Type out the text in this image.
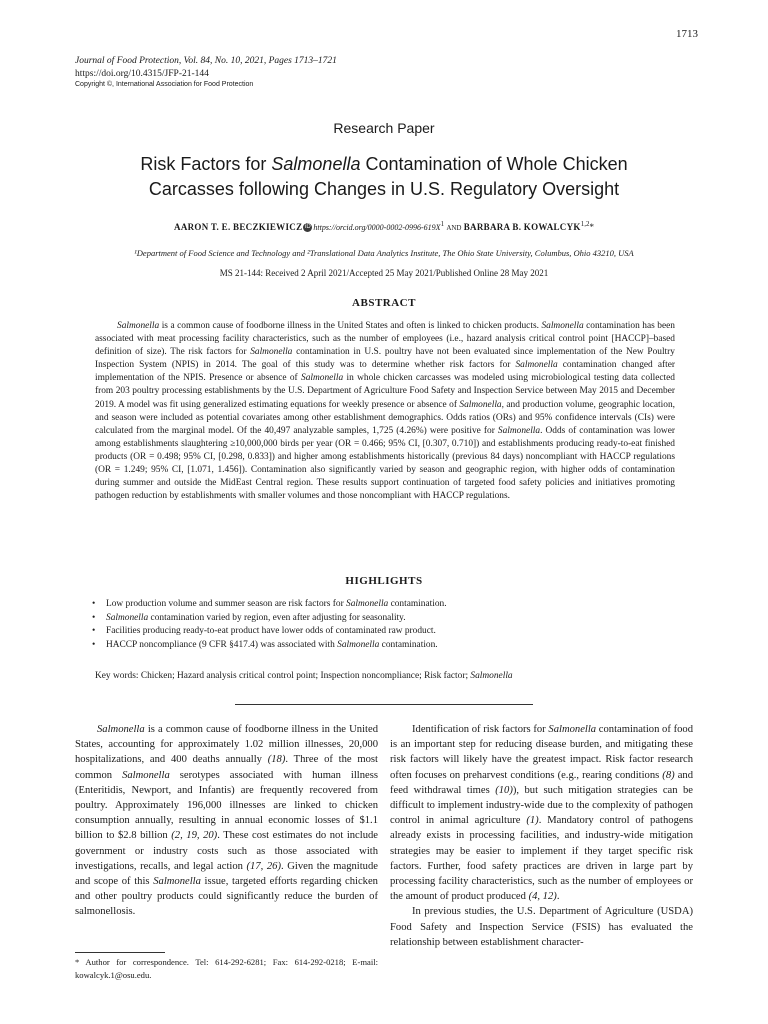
1713
Journal of Food Protection, Vol. 84, No. 10, 2021, Pages 1713–1721
https://doi.org/10.4315/JFP-21-144
Copyright ©, International Association for Food Protection
Research Paper
Risk Factors for Salmonella Contamination of Whole Chicken
Carcasses following Changes in U.S. Regulatory Oversight
AARON T. E. BECZKIEWICZ iD $https://orcid.org/0000-0002-0996-619X^1$ AND BARBARA B. KOWALCYK$^{1,2}$*
¹Department of Food Science and Technology and ²Translational Data Analytics Institute, The Ohio State University, Columbus, Ohio 43210, USA
MS 21-144: Received 2 April 2021/Accepted 25 May 2021/Published Online 28 May 2021
ABSTRACT
Salmonella is a common cause of foodborne illness in the United States and often is linked to chicken products. Salmonella contamination has been associated with meat processing facility characteristics, such as the number of employees (i.e., hazard analysis critical control point [HACCP]–based definition of size). The risk factors for Salmonella contamination in U.S. poultry have not been evaluated since implementation of the New Poultry Inspection System (NPIS) in 2014. The goal of this study was to determine whether risk factors for Salmonella contamination changed after implementation of the NPIS. Presence or absence of Salmonella in whole chicken carcasses was modeled using microbiological testing data collected from 203 poultry processing establishments by the U.S. Department of Agriculture Food Safety and Inspection Service between May 2015 and December 2019. A model was fit using generalized estimating equations for weekly presence or absence of Salmonella, and production volume, geographic location, and season were included as potential covariates among other establishment demographics. Odds ratios (ORs) and 95% confidence intervals (CIs) were calculated from the marginal model. Of the 40,497 analyzable samples, 1,725 (4.26%) were positive for Salmonella. Odds of contamination was lower among establishments slaughtering ≥10,000,000 birds per year (OR = 0.466; 95% CI, [0.307, 0.710]) and establishments producing ready-to-eat finished products (OR = 0.498; 95% CI, [0.298, 0.833]) and higher among establishments historically (previous 84 days) noncompliant with HACCP regulations (OR = 1.249; 95% CI, [1.071, 1.456]). Contamination also significantly varied by season and geographic region, with higher odds of contamination during summer and outside the MidEast Central region. These results support continuation of targeted food safety policies and initiatives promoting pathogen reduction by establishments with smaller volumes and those noncompliant with HACCP regulations.
HIGHLIGHTS
• Low production volume and summer season are risk factors for Salmonella contamination.
• Salmonella contamination varied by region, even after adjusting for seasonality.
• Facilities producing ready-to-eat product have lower odds of contaminated raw product.
• HACCP noncompliance (9 CFR §417.4) was associated with Salmonella contamination.
Key words: Chicken; Hazard analysis critical control point; Inspection noncompliance; Risk factor; Salmonella

Salmonella is a common cause of foodborne illness in the United States, accounting for approximately 1.02 million illnesses, 20,000 hospitalizations, and 400 deaths annually (18). Three of the most common Salmonella serotypes associated with human illness (Enteritidis, Newport, and Infantis) are frequently recovered from poultry. Approximately 196,000 illnesses are linked to chicken consumption annually, resulting in annual economic losses of $1.1 billion to $2.8 billion (2, 19, 20). These cost estimates do not include government or industry costs such as those associated with investigations, recalls, and legal action (17, 26). Given the magnitude and scope of this Salmonella issue, targeted efforts regarding chicken and other poultry products could significantly reduce the burden of salmonellosis.

Identification of risk factors for Salmonella contamination of food is an important step for reducing disease burden, and mitigating these risk factors will likely have the greatest impact. Risk factor research often focuses on preharvest conditions (e.g., rearing conditions (8) and feed withdrawal times (10)), but such mitigation strategies can be difficult to implement industry-wide due to the complexity of pathogen control in animal agriculture (1). Mandatory control of pathogens already exists in processing facilities, and industry-wide mitigation strategies may be easier to implement if they target specific risk factors. Further, food safety practices are driven in large part by processing facility characteristics, such as the number of employees or the amount of product produced (4, 12).

In previous studies, the U.S. Department of Agriculture (USDA) Food Safety and Inspection Service (FSIS) has evaluated the relationship between establishment character-

* Author for correspondence. Tel: 614-292-6281; Fax: 614-292-0218; E-mail: kowalcyk.1@osu.edu.
